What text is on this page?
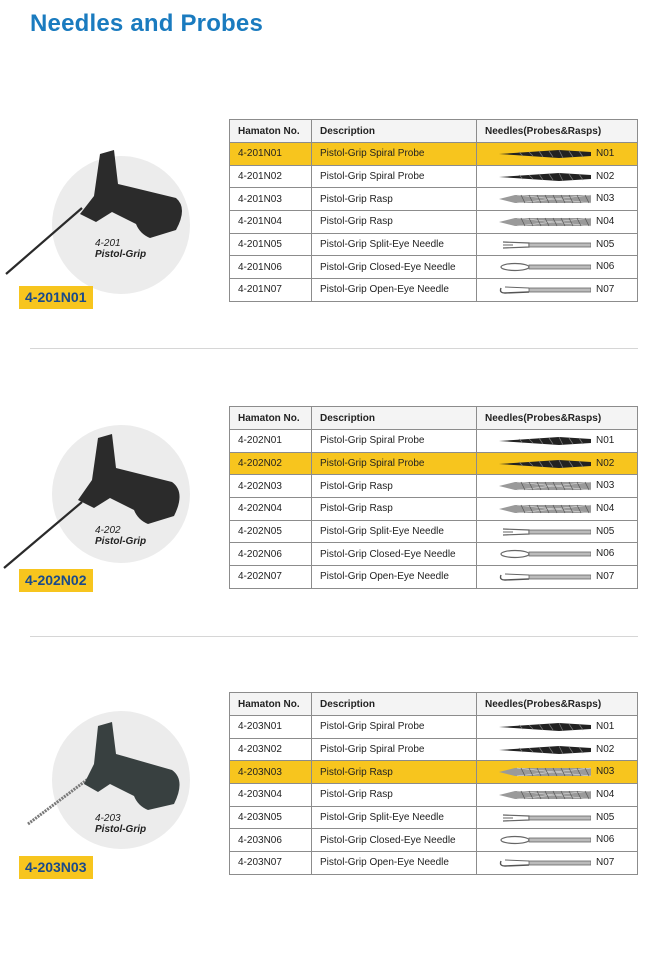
Needles and Probes
4-201
Pistol-Grip
4-201N01
Hamaton No.	Description	Needles(Probes&Rasps)
4-201N01	Pistol-Grip Spiral Probe	N01

4-201N02	Pistol-Grip Spiral Probe	N02

4-201N03	Pistol-Grip Rasp	N03

4-201N04	Pistol-Grip Rasp	N04

4-201N05	Pistol-Grip Split-Eye Needle	N05

4-201N06	Pistol-Grip Closed-Eye Needle	N06

4-201N07	Pistol-Grip Open-Eye Needle	N07
4-202
Pistol-Grip
4-202N02
Hamaton No.	Description	Needles(Probes&Rasps)
4-202N01	Pistol-Grip Spiral Probe	N01

4-202N02	Pistol-Grip Spiral Probe	N02

4-202N03	Pistol-Grip Rasp	N03

4-202N04	Pistol-Grip Rasp	N04

4-202N05	Pistol-Grip Split-Eye Needle	N05

4-202N06	Pistol-Grip Closed-Eye Needle	N06

4-202N07	Pistol-Grip Open-Eye Needle	N07
4-203
Pistol-Grip
4-203N03
Hamaton No.	Description	Needles(Probes&Rasps)
4-203N01	Pistol-Grip Spiral Probe	N01

4-203N02	Pistol-Grip Spiral Probe	N02

4-203N03	Pistol-Grip Rasp	N03

4-203N04	Pistol-Grip Rasp	N04

4-203N05	Pistol-Grip Split-Eye Needle	N05

4-203N06	Pistol-Grip Closed-Eye Needle	N06

4-203N07	Pistol-Grip Open-Eye Needle	N07
